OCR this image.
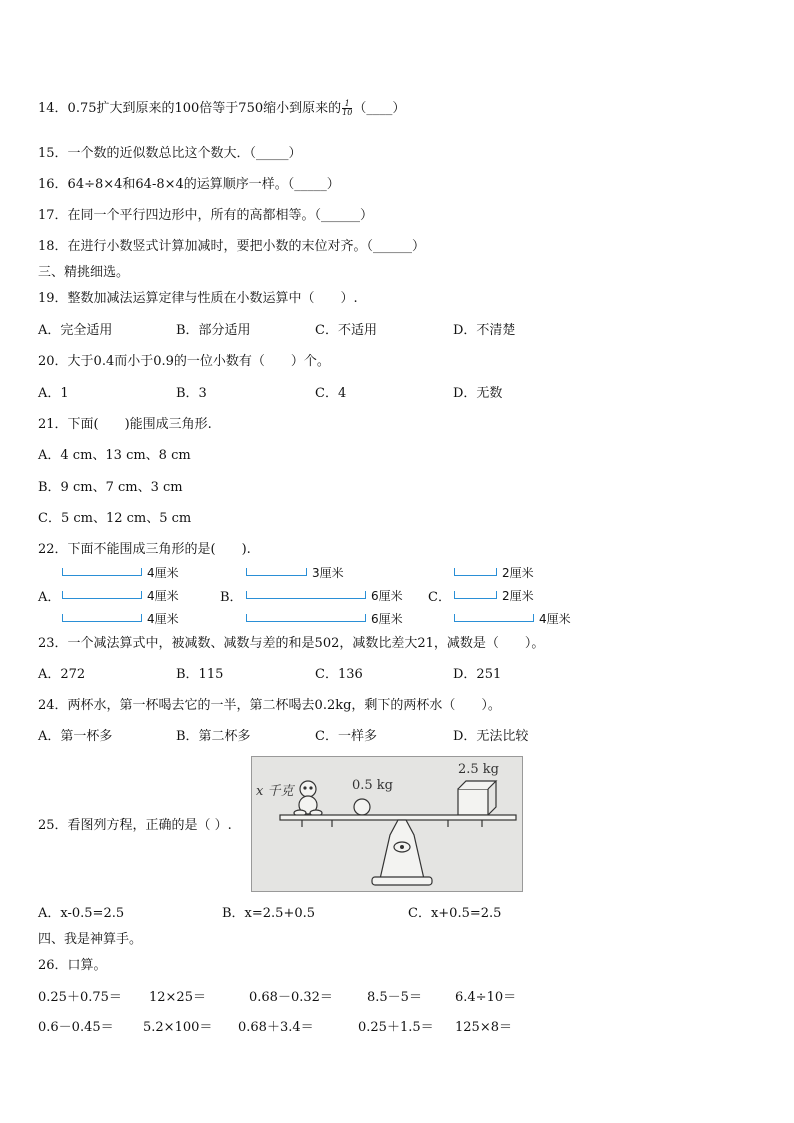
14．0.75扩大到原来的100倍等于750缩小到原来的 $\frac{1}{10}$ （____）
15．一个数的近似数总比这个数大．（_____）
16．64÷8×4和64-8×4的运算顺序一样。（_____）
17．在同一个平行四边形中，所有的高都相等。（______）
18．在进行小数竖式计算加减时，要把小数的末位对齐。（______）
三、精挑细选。
19．整数加减法运算定律与性质在小数运算中（　　）.
A．完全适用	B．部分适用	C．不适用	D．不清楚
20．大于0.4而小于0.9的一位小数有（　　）个。
A．1	B．3	C．4	D．无数
21．下面(　　)能围成三角形.
A．4 cm、13 cm、8 cm
B．9 cm、7 cm、3 cm
C．5 cm、12 cm、5 cm
22．下面不能围成三角形的是(　　).
A．
4厘米
4厘米
4厘米
B．
3厘米
6厘米
6厘米
C．
2厘米
2厘米
4厘米
23．一个减法算式中，被减数、减数与差的和是502，减数比差大21，减数是（　　）。
A．272	B．115	C．136	D．251
24．两杯水，第一杯喝去它的一半，第二杯喝去0.2kg，剩下的两杯水（　　）。
A．第一杯多	B．第二杯多	C．一样多	D．无法比较
25．看图列方程，正确的是（ ）.
x 千克	0.5 kg
2.5 kg
A．x-0.5=2.5	B．x=2.5+0.5	C．x+0.5=2.5
四、我是神算手。
26．口算。
0.25＋0.75＝ 12×25＝	0.68－0.32＝	8.5－5＝	6.4÷10＝
0.6－0.45＝ 5.2×100＝ 0.68＋3.4＝	0.25＋1.5＝ 125×8＝
